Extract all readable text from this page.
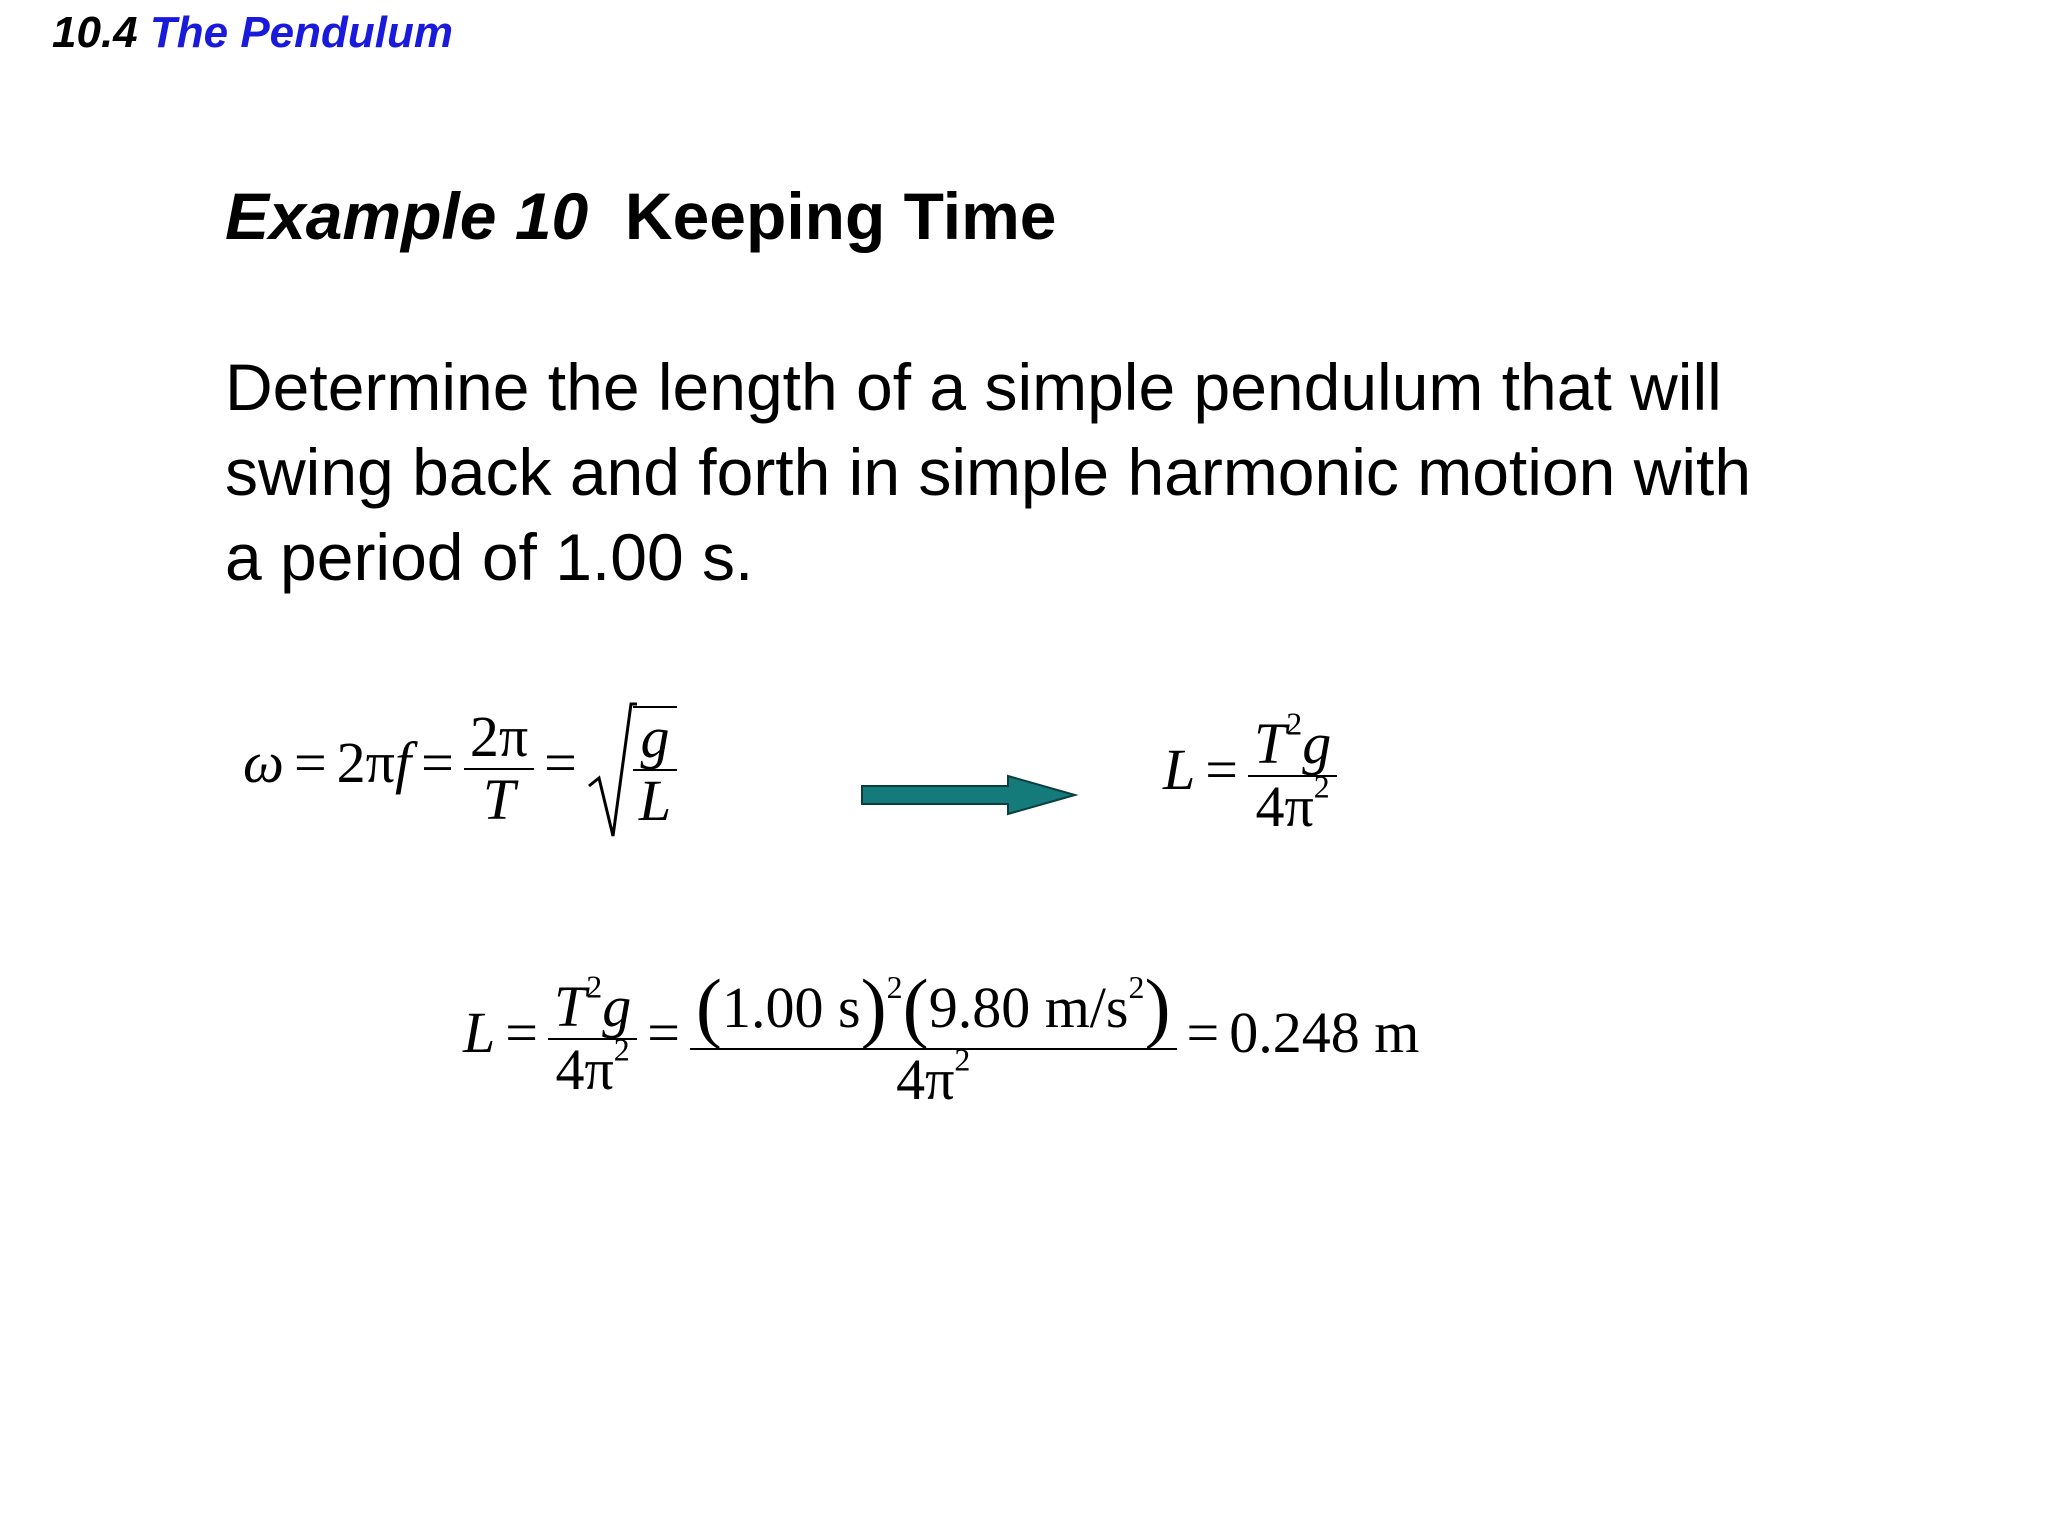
10.4 The Pendulum
Example 10 Keeping Time
Determine the length of a simple pendulum that will
swing back and forth in simple harmonic motion with
a period of 1.00 s.
$\omega = 2\pi f = \frac{2\pi}{T} = \frac{g}{L}$	$L = \frac{T^2g}{4\pi^2}$
$L = \frac{T^2g}{4\pi^2} = \frac{(1.00 s)^2(9.80 m/s^2)}{4\pi^2} = 0.248$ m
